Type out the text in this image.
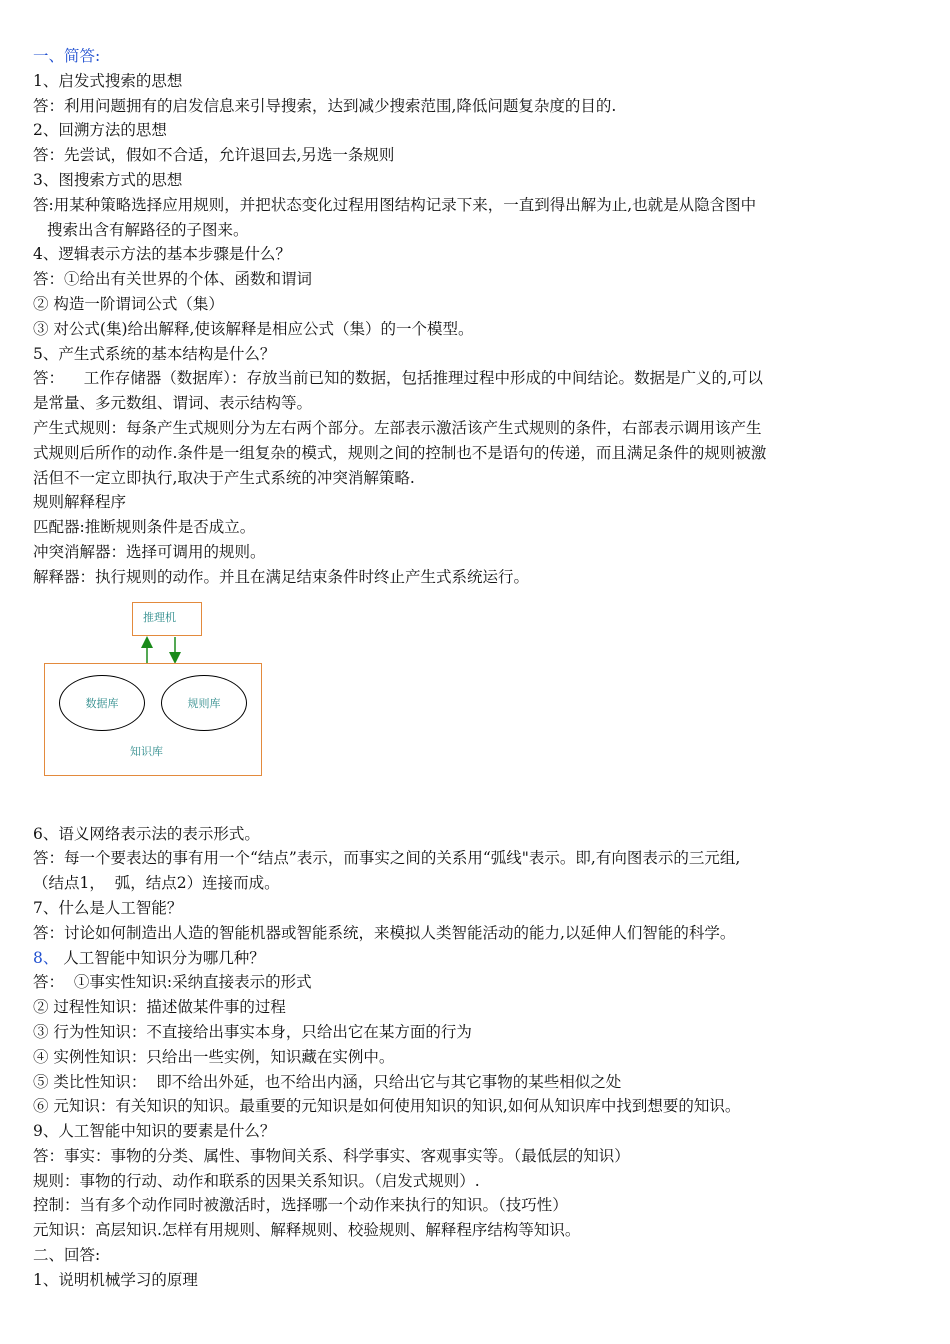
一、简答:
1、启发式搜索的思想
答：利用问题拥有的启发信息来引导搜索，达到减少搜索范围,降低问题复杂度的目的.
2、回溯方法的思想
答：先尝试，假如不合适，允许退回去,另选一条规则
3、图搜索方式的思想
答:用某种策略选择应用规则，并把状态变化过程用图结构记录下来，一直到得出解为止,也就是从隐含图中
搜索出含有解路径的子图来。
4、逻辑表示方法的基本步骤是什么？
答：①给出有关世界的个体、函数和谓词
② 构造一阶谓词公式（集）
③ 对公式(集)给出解释,使该解释是相应公式（集）的一个模型。
5、产生式系统的基本结构是什么？
答：    工作存储器（数据库）：存放当前已知的数据，包括推理过程中形成的中间结论。数据是广义的,可以
是常量、多元数组、谓词、表示结构等。
产生式规则：每条产生式规则分为左右两个部分。左部表示激活该产生式规则的条件，右部表示调用该产生
式规则后所作的动作.条件是一组复杂的模式，规则之间的控制也不是语句的传递，而且满足条件的规则被激
活但不一定立即执行,取决于产生式系统的冲突消解策略.
规则解释程序
匹配器:推断规则条件是否成立。
冲突消解器：选择可调用的规则。
解释器：执行规则的动作。并且在满足结束条件时终止产生式系统运行。
推理机
数据库	规则库
知识库
6、语义网络表示法的表示形式。
答：每一个要表达的事有用一个“结点”表示，而事实之间的关系用“弧线"表示。即,有向图表示的三元组,
（结点1，  弧，结点2）连接而成。
7、什么是人工智能？
答：讨论如何制造出人造的智能机器或智能系统，来模拟人类智能活动的能力,以延伸人们智能的科学。
8、 人工智能中知识分为哪几种？
答：  ①事实性知识:采纳直接表示的形式
② 过程性知识：描述做某件事的过程
③ 行为性知识：不直接给出事实本身，只给出它在某方面的行为
④ 实例性知识：只给出一些实例，知识藏在实例中。
⑤ 类比性知识：  即不给出外延，也不给出内涵，只给出它与其它事物的某些相似之处
⑥ 元知识：有关知识的知识。最重要的元知识是如何使用知识的知识,如何从知识库中找到想要的知识。
9、人工智能中知识的要素是什么？
答：事实：事物的分类、属性、事物间关系、科学事实、客观事实等。（最低层的知识）
规则：事物的行动、动作和联系的因果关系知识。（启发式规则）.
控制：当有多个动作同时被激活时，选择哪一个动作来执行的知识。（技巧性）
元知识：高层知识.怎样有用规则、解释规则、校验规则、解释程序结构等知识。
二、回答:
1、说明机械学习的原理
